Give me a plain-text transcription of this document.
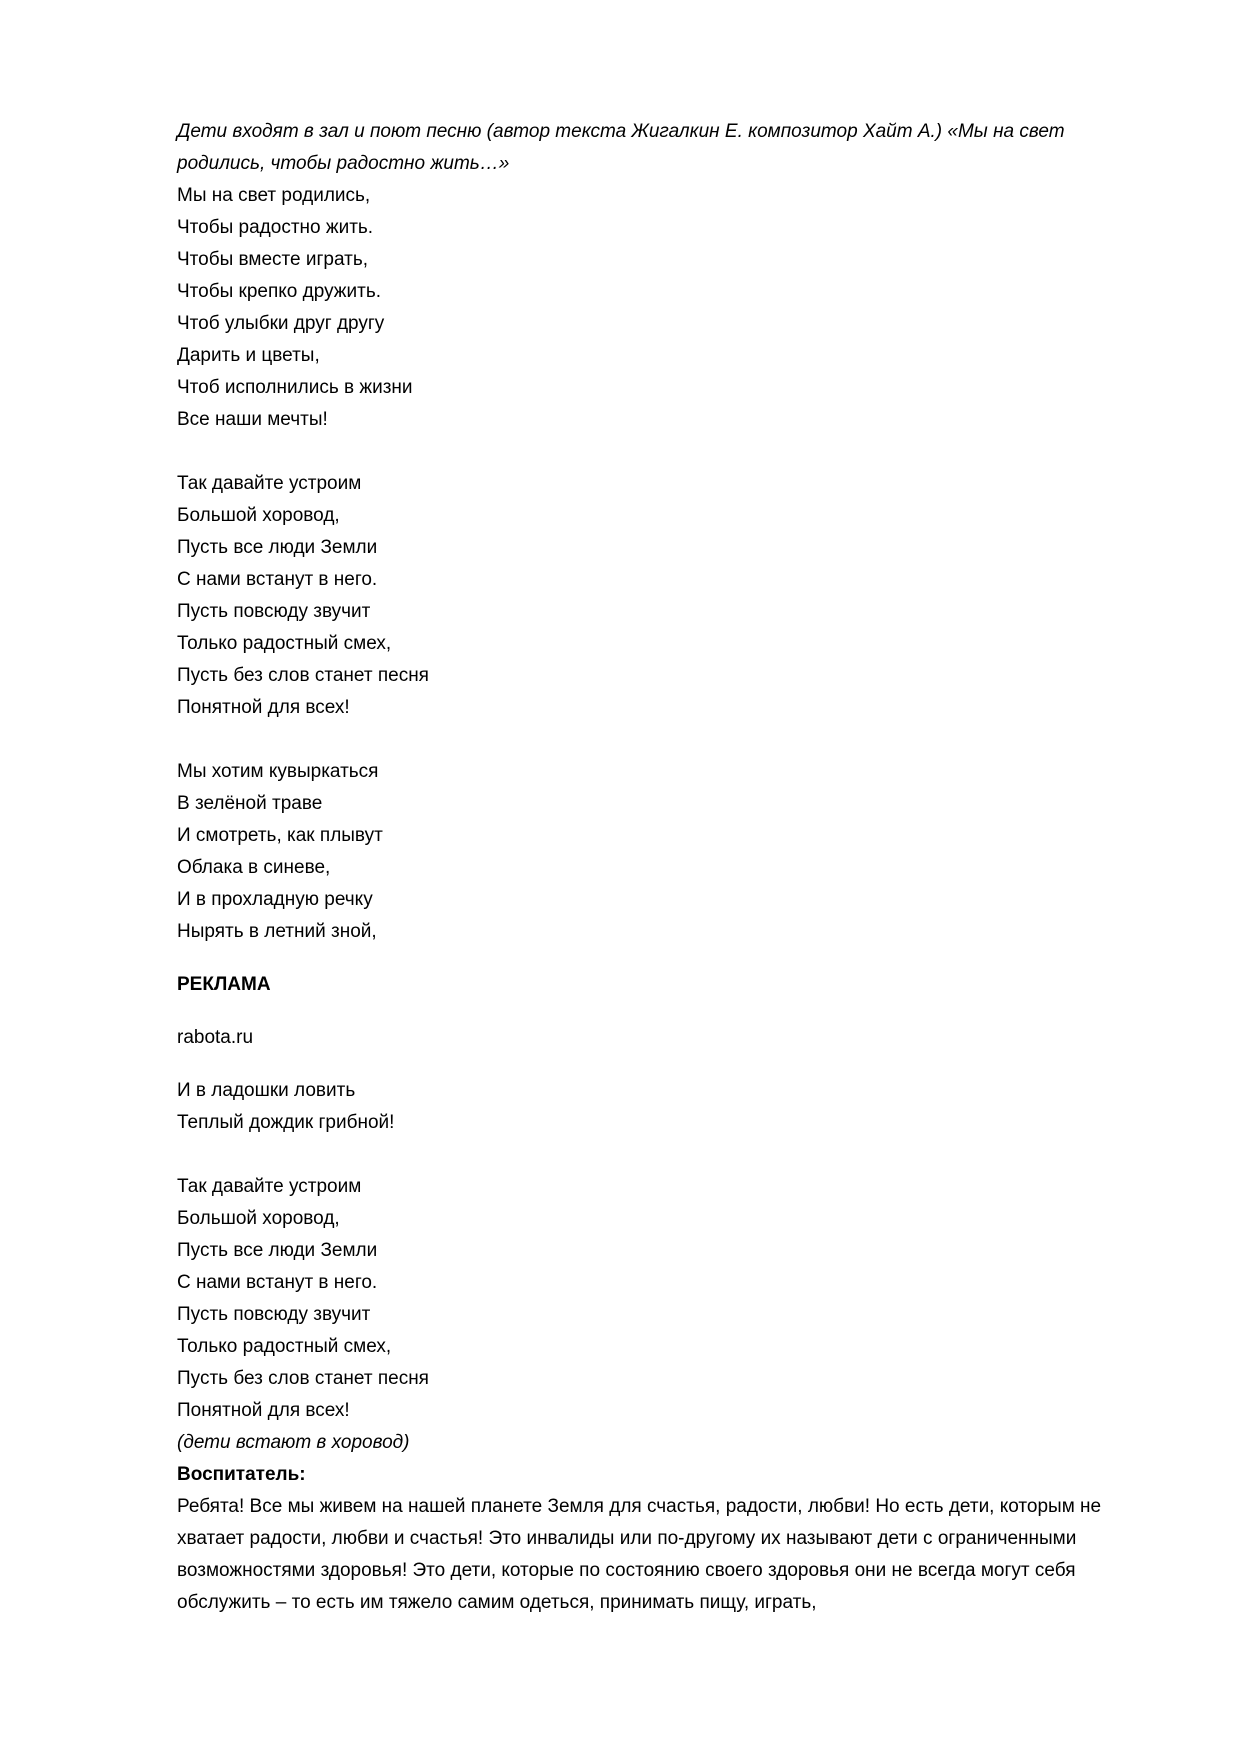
Дети входят в зал и поют песню (автор текста Жигалкин Е. композитор Хайт А.) «Мы на свет родились, чтобы радостно жить…»
Мы на свет родились,
Чтобы радостно жить.
Чтобы вместе играть,
Чтобы крепко дружить.
Чтоб улыбки друг другу
Дарить и цветы,
Чтоб исполнились в жизни
Все наши мечты!
Так давайте устроим
Большой хоровод,
Пусть все люди Земли
С нами встанут в него.
Пусть повсюду звучит
Только радостный смех,
Пусть без слов станет песня
Понятной для всех!
Мы хотим кувыркаться
В зелёной траве
И смотреть, как плывут
Облака в синеве,
И в прохладную речку
Нырять в летний зной,
РЕКЛАМА
rabota.ru
И в ладошки ловить
Теплый дождик грибной!
Так давайте устроим
Большой хоровод,
Пусть все люди Земли
С нами встанут в него.
Пусть повсюду звучит
Только радостный смех,
Пусть без слов станет песня
Понятной для всех!
(дети встают в хоровод)
Воспитатель:
Ребята! Все мы живем на нашей планете Земля для счастья, радости, любви! Но есть дети, которым не хватает радости, любви и счастья! Это инвалиды или по-другому их называют дети с ограниченными возможностями здоровья! Это дети, которые по состоянию своего здоровья они не всегда могут себя обслужить – то есть им тяжело самим одеться, принимать пищу, играть,
